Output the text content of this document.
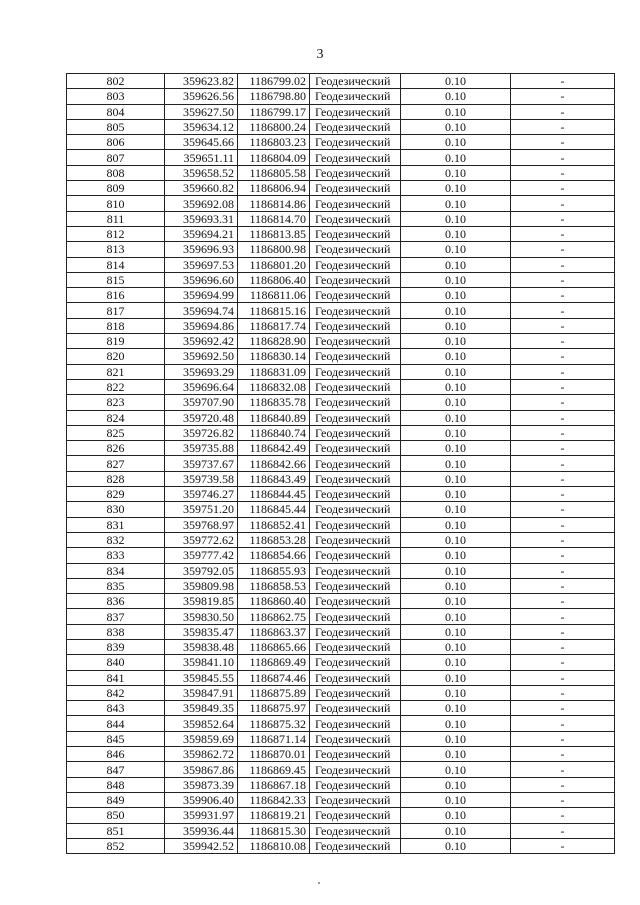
3
802	359623.82	1186799.02	Геодезический	0.10	-
803	359626.56	1186798.80	Геодезический	0.10	-
804	359627.50	1186799.17	Геодезический	0.10	-
805	359634.12	1186800.24	Геодезический	0.10	-
806	359645.66	1186803.23	Геодезический	0.10	-
807	359651.11	1186804.09	Геодезический	0.10	-
808	359658.52	1186805.58	Геодезический	0.10	-
809	359660.82	1186806.94	Геодезический	0.10	-
810	359692.08	1186814.86	Геодезический	0.10	-
811	359693.31	1186814.70	Геодезический	0.10	-
812	359694.21	1186813.85	Геодезический	0.10	-
813	359696.93	1186800.98	Геодезический	0.10	-
814	359697.53	1186801.20	Геодезический	0.10	-
815	359696.60	1186806.40	Геодезический	0.10	-
816	359694.99	1186811.06	Геодезический	0.10	-
817	359694.74	1186815.16	Геодезический	0.10	-
818	359694.86	1186817.74	Геодезический	0.10	-
819	359692.42	1186828.90	Геодезический	0.10	-
820	359692.50	1186830.14	Геодезический	0.10	-
821	359693.29	1186831.09	Геодезический	0.10	-
822	359696.64	1186832.08	Геодезический	0.10	-
823	359707.90	1186835.78	Геодезический	0.10	-
824	359720.48	1186840.89	Геодезический	0.10	-
825	359726.82	1186840.74	Геодезический	0.10	-
826	359735.88	1186842.49	Геодезический	0.10	-
827	359737.67	1186842.66	Геодезический	0.10	-
828	359739.58	1186843.49	Геодезический	0.10	-
829	359746.27	1186844.45	Геодезический	0.10	-
830	359751.20	1186845.44	Геодезический	0.10	-
831	359768.97	1186852.41	Геодезический	0.10	-
832	359772.62	1186853.28	Геодезический	0.10	-
833	359777.42	1186854.66	Геодезический	0.10	-
834	359792.05	1186855.93	Геодезический	0.10	-
835	359809.98	1186858.53	Геодезический	0.10	-
836	359819.85	1186860.40	Геодезический	0.10	-
837	359830.50	1186862.75	Геодезический	0.10	-
838	359835.47	1186863.37	Геодезический	0.10	-
839	359838.48	1186865.66	Геодезический	0.10	-
840	359841.10	1186869.49	Геодезический	0.10	-
841	359845.55	1186874.46	Геодезический	0.10	-
842	359847.91	1186875.89	Геодезический	0.10	-
843	359849.35	1186875.97	Геодезический	0.10	-
844	359852.64	1186875.32	Геодезический	0.10	-
845	359859.69	1186871.14	Геодезический	0.10	-
846	359862.72	1186870.01	Геодезический	0.10	-
847	359867.86	1186869.45	Геодезический	0.10	-
848	359873.39	1186867.18	Геодезический	0.10	-
849	359906.40	1186842.33	Геодезический	0.10	-
850	359931.97	1186819.21	Геодезический	0.10	-
851	359936.44	1186815.30	Геодезический	0.10	-
852	359942.52	1186810.08	Геодезический	0.10	-
